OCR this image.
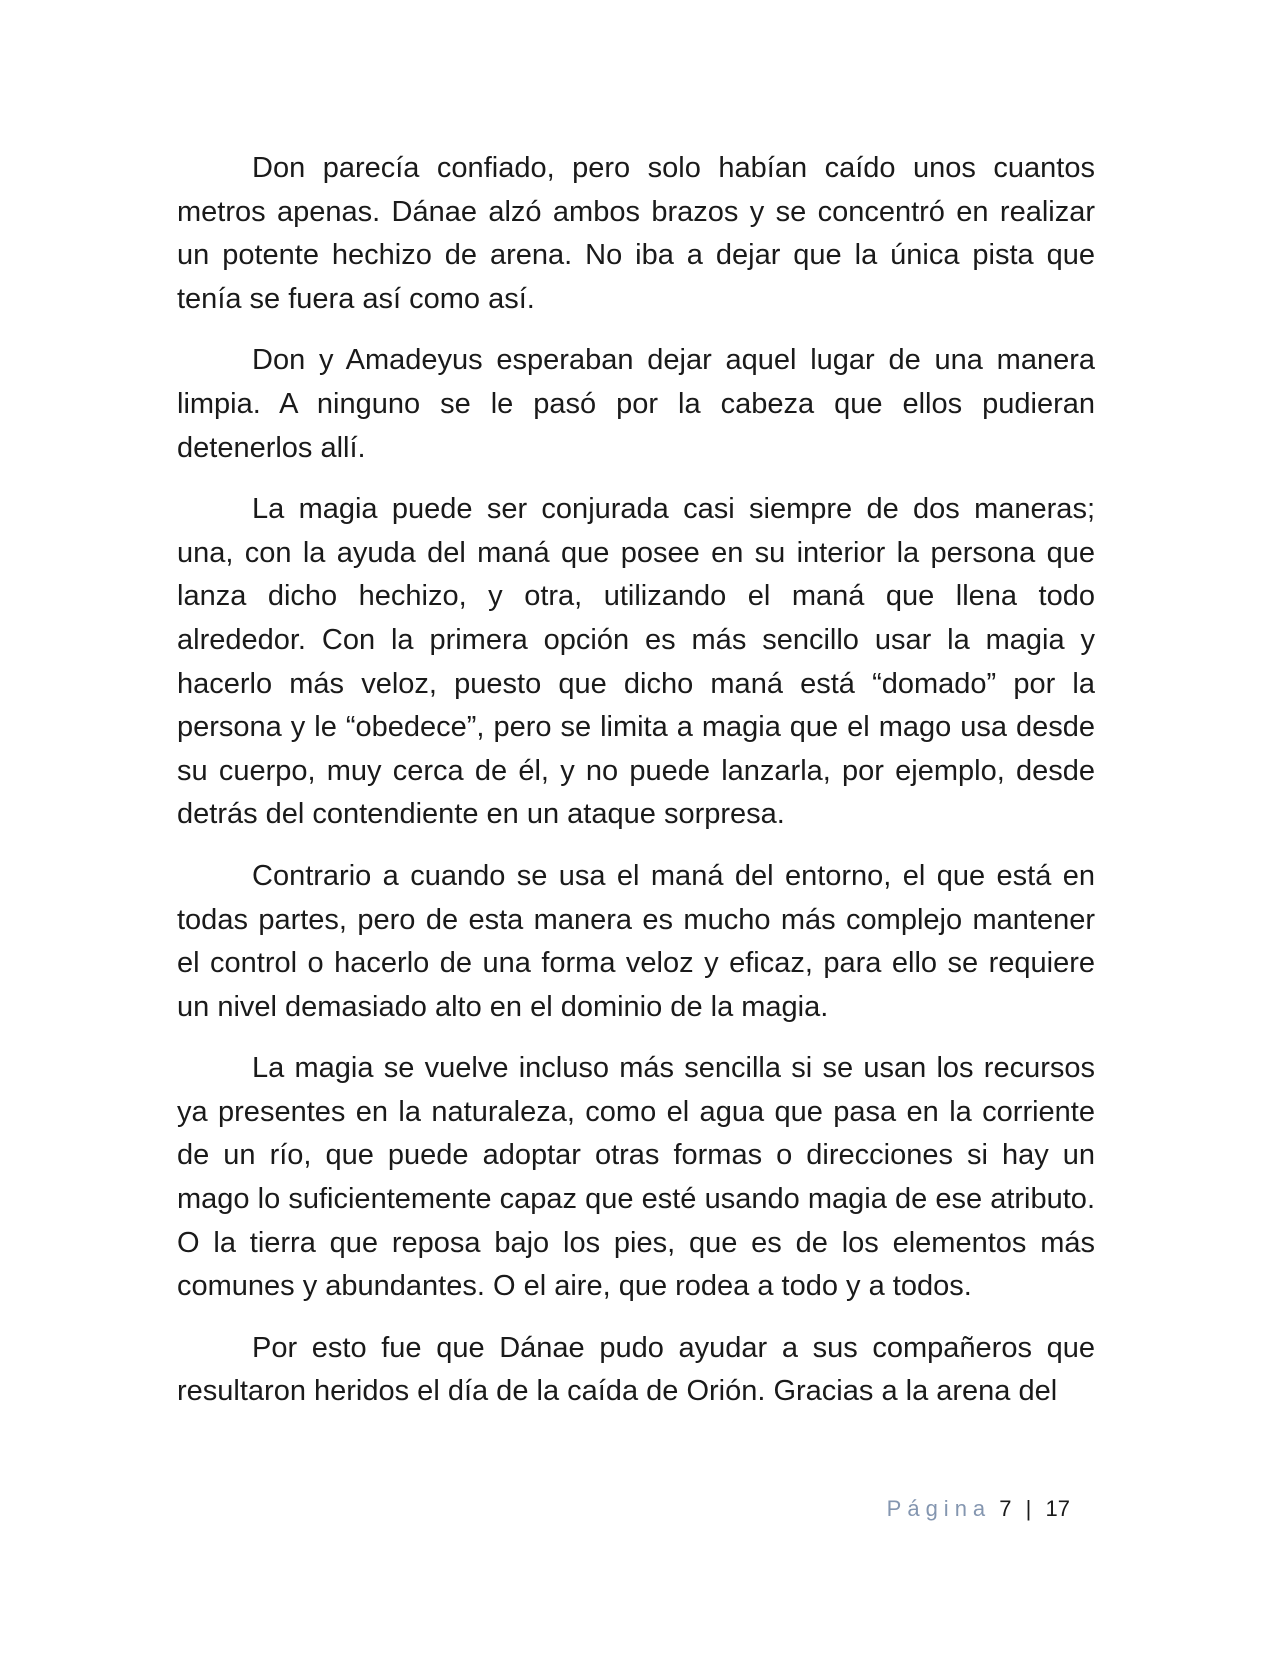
Don parecía confiado, pero solo habían caído unos cuantos metros apenas. Dánae alzó ambos brazos y se concentró en realizar un potente hechizo de arena. No iba a dejar que la única pista que tenía se fuera así como así.

Don y Amadeyus esperaban dejar aquel lugar de una manera limpia. A ninguno se le pasó por la cabeza que ellos pudieran detenerlos allí.

La magia puede ser conjurada casi siempre de dos maneras; una, con la ayuda del maná que posee en su interior la persona que lanza dicho hechizo, y otra, utilizando el maná que llena todo alrededor. Con la primera opción es más sencillo usar la magia y hacerlo más veloz, puesto que dicho maná está “domado” por la persona y le “obedece”, pero se limita a magia que el mago usa desde su cuerpo, muy cerca de él, y no puede lanzarla, por ejemplo, desde detrás del contendiente en un ataque sorpresa.

Contrario a cuando se usa el maná del entorno, el que está en todas partes, pero de esta manera es mucho más complejo mantener el control o hacerlo de una forma veloz y eficaz, para ello se requiere un nivel demasiado alto en el dominio de la magia.

La magia se vuelve incluso más sencilla si se usan los recursos ya presentes en la naturaleza, como el agua que pasa en la corriente de un río, que puede adoptar otras formas o direcciones si hay un mago lo suficientemente capaz que esté usando magia de ese atributo. O la tierra que reposa bajo los pies, que es de los elementos más comunes y abundantes. O el aire, que rodea a todo y a todos.

Por esto fue que Dánae pudo ayudar a sus compañeros que resultaron heridos el día de la caída de Orión. Gracias a la arena del

Página 7 | 17
